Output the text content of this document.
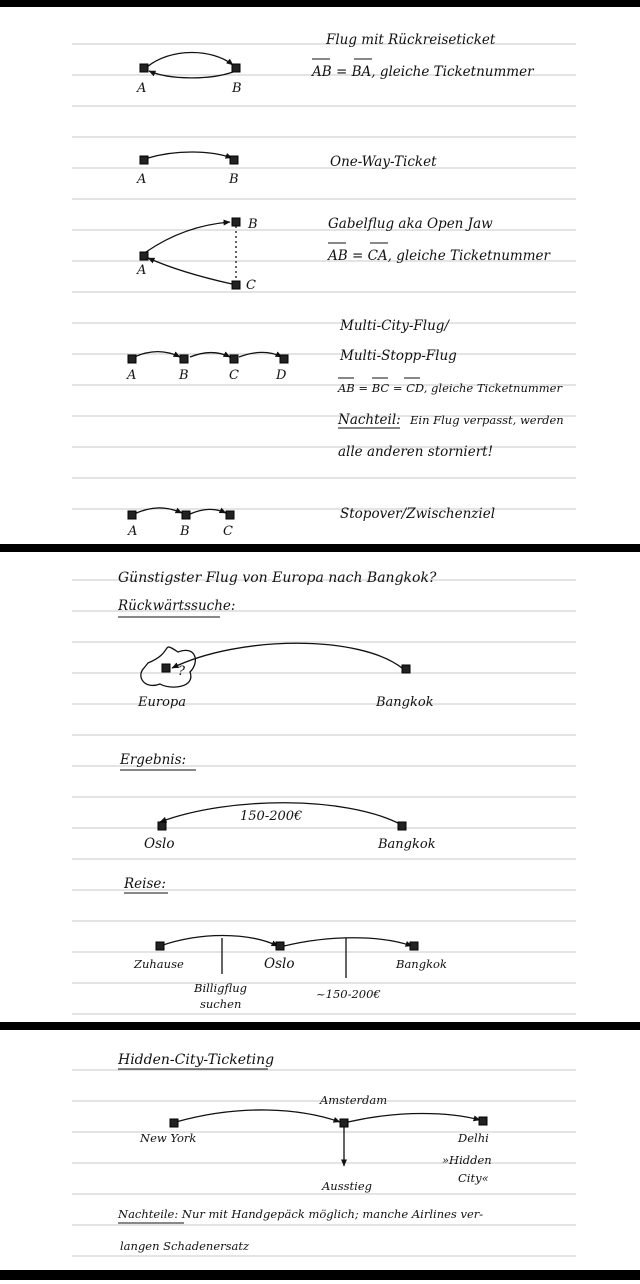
A	B
Flug mit Rückreiseticket
AB = BA, gleiche Ticketnummer
A	B
One-Way-Ticket
B
A
C
Gabelflug aka Open Jaw
AB = CA, gleiche Ticketnummer
A	B	C	D
Multi-City-Flug/
Multi-Stopp-Flug
AB = BC = CD, gleiche Ticketnummer
Nachteil: Ein Flug verpasst, werden
alle anderen storniert!
A	B	C
Stopover/Zwischenziel
Günstigster Flug von Europa nach Bangkok?
Rückwärtssuche:
?
Europa	Bangkok
Ergebnis:
150-200€
Oslo	Bangkok
Reise:
Zuhause	Oslo	Bangkok
Billigflug
suchen
~150-200€
Hidden-City-Ticketing
Amsterdam
New York	Delhi
»Hidden
City«
Ausstieg
Nachteile: Nur mit Handgepäck möglich; manche Airlines ver-
langen Schadenersatz
